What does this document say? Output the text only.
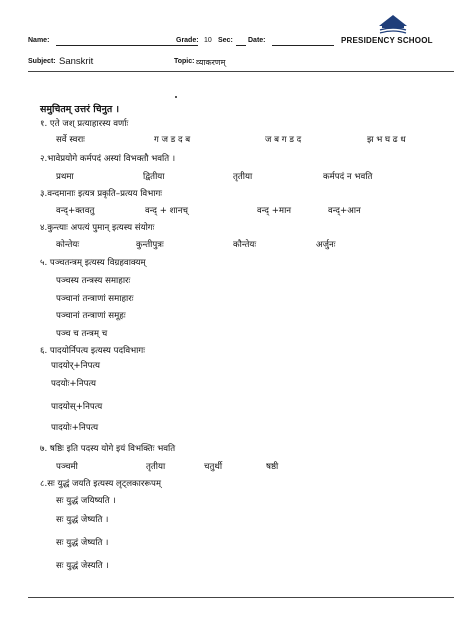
PRESIDENCY SCHOOL
Name:	Grade: 10 Sec: Date:
Subject: Sanskrit	Topic: व्याकरणम्
समुचितम् उत्तरं चिनुत ।
१. एते जश् प्रत्याहारस्य वर्णाः
सर्वे स्वराः	ग ज ड द ब	ज ब ग ड द	झ भ घ ढ ध
२.भावेप्रयोगे कर्मपदं अस्यां विभक्तौ भवति ।
प्रथमा	द्वितीया	तृतीया	कर्मपदं न भवति
३.वन्दमानाः इत्यत्र प्रकृति–प्रत्यय विभागः
वन्द्+क्तवतु	वन्द् + शानच्	वन्द् +मान	वन्द्+आन
४.कुन्त्याः अपत्यं पुमान् इत्यस्य संयोगः
कोन्तेयः	कुन्तीपुत्रः	कौन्तेयः	अर्जुनः
५. पञ्चतन्त्रम् इत्यस्य विग्रहवाक्यम्
पञ्चस्य तन्त्रस्य समाहारः
पञ्चानां तन्त्राणां समाहारः
पञ्चानां तन्त्राणां समूहः
पञ्च च तन्त्रम् च
६. पादयोर्निपत्य इत्यस्य पदविभागः
पादयोर्+निपत्य
पदयोः+निपत्य
पादयोस्+निपत्य
पादयोः+निपत्य
७. षष्ठिः इति पदस्य योगे इयं विभक्तिः भवति
पञ्चमी	तृतीया	चतुर्थी	षष्ठी
८.सः युद्धं जयति इत्यस्य लृट्लकाररूपम्
सः युद्धं जयिष्यति ।
सः युद्धं जेष्यति ।
सः युद्धं जेष्यति ।
सः युद्धं जेस्यति ।
